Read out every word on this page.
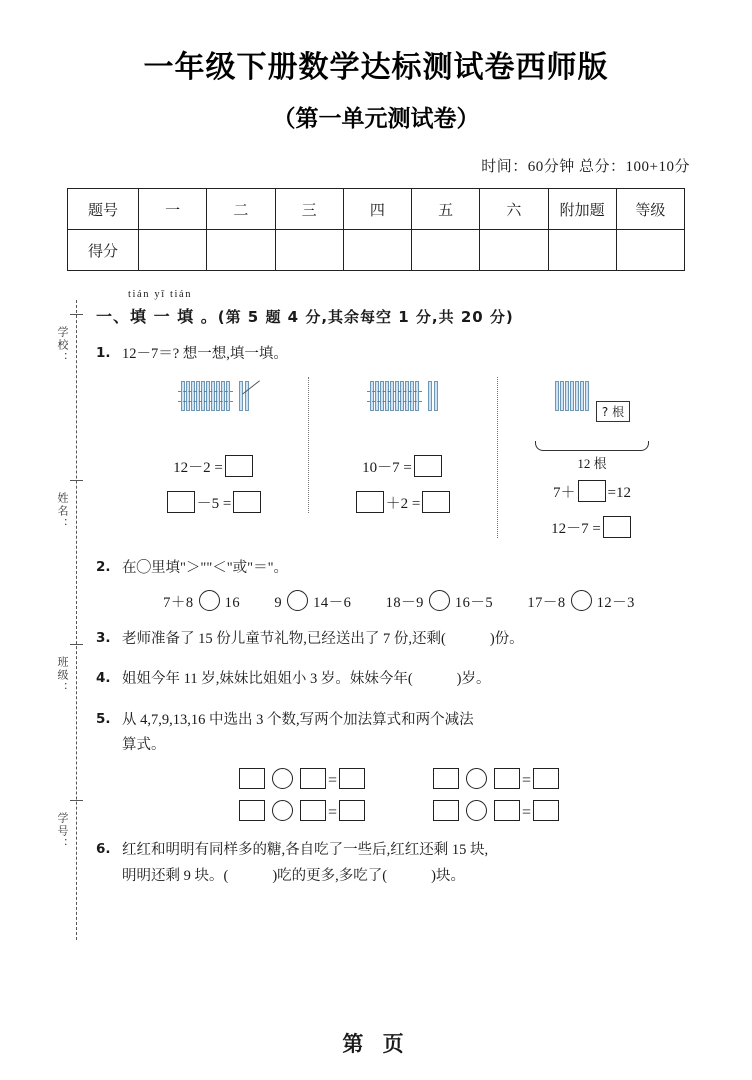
一年级下册数学达标测试卷西师版
（第一单元测试卷）
时间：60分钟 总分：100+10分
题号	一	二	三	四	五	六	附加题	等级
得分								
学校：
姓名：
班级：
学号：
tián yī tián
一、填 一 填 。(第 5 题 4 分,其余每空 1 分,共 20 分)
1. 12－7＝? 想一想,填一填。
12－2 =
－5 =
10－7 =
＋2 =
? 根
12 根
7＋ =12
12－7 =
2. 在◯里填"＞""＜"或"＝"。
7＋8 16 9 14－6 18－9 16－5 17－8 12－3
3. 老师准备了 15 份儿童节礼物,已经送出了 7 份,还剩(	)份。
4. 姐姐今年 11 岁,妹妹比姐姐小 3 岁。妹妹今年(	)岁。
5. 从 4,7,9,13,16 中选出 3 个数,写两个加法算式和两个减法
算式。
=	=
=	=
6. 红红和明明有同样多的糖,各自吃了一些后,红红还剩 15 块,
明明还剩 9 块。(	)吃的更多,多吃了(	)块。
第 页
